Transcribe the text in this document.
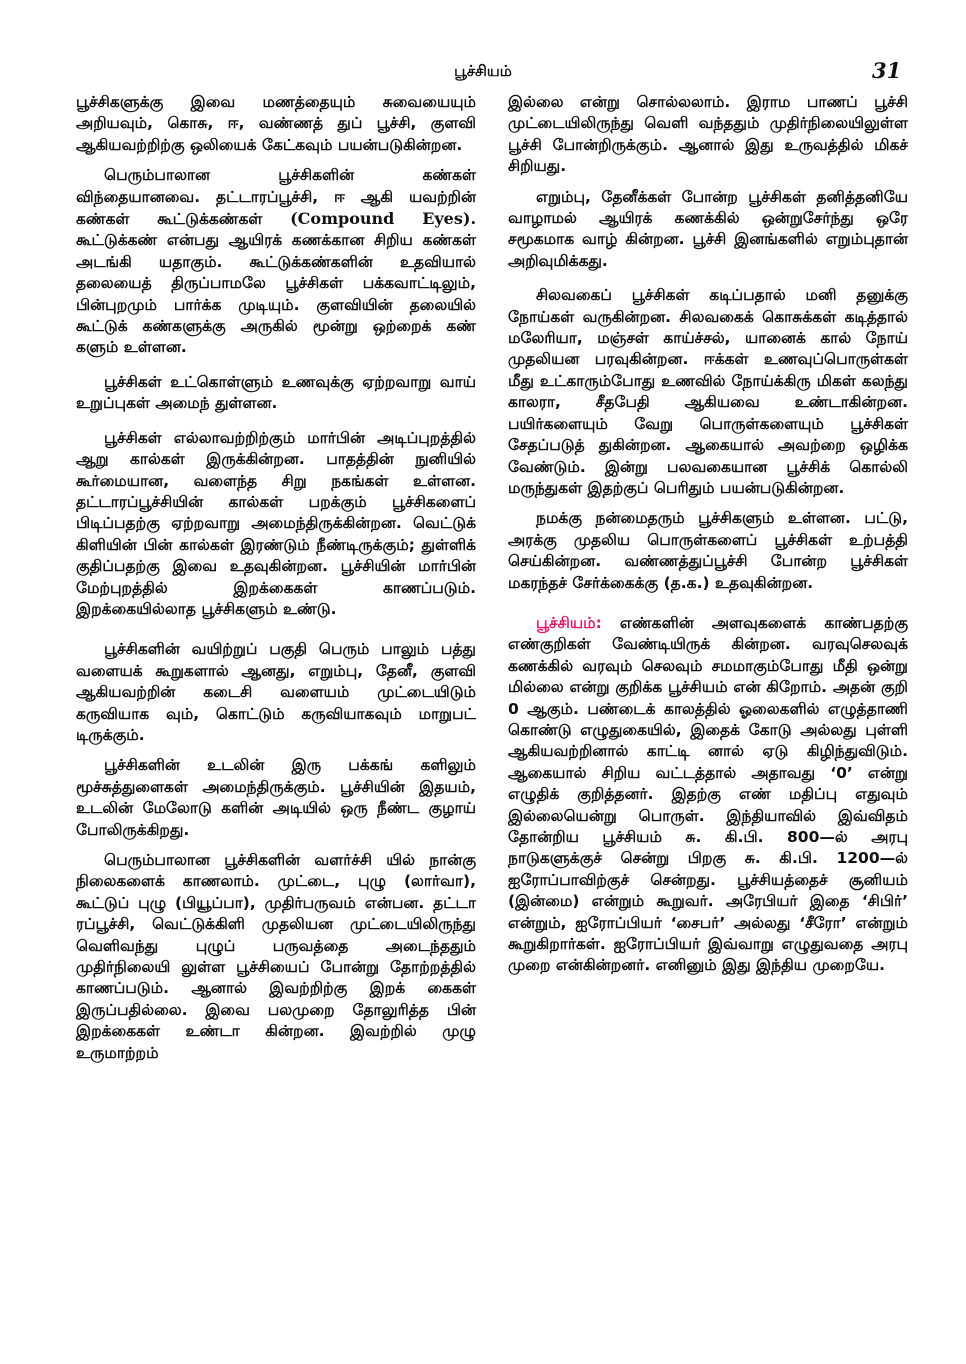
பூச்சியம்	31

பூச்சிகளுக்கு இவை மணத்தையும் சுவையையும் அறியவும், கொசு, ஈ, வண்ணத் துப் பூச்சி, குளவி ஆகியவற்றிற்கு ஒலியைக் கேட்கவும் பயன்படுகின்றன.

பெரும்பாலான பூச்சிகளின் கண்கள் விந்தையானவை. தட்டாரப்பூச்சி, ஈ ஆகி யவற்றின் கண்கள் கூட்டுக்கண்கள் (Compound Eyes). கூட்டுக்கண் என்பது ஆயிரக் கணக்கான சிறிய கண்கள் அடங்கி யதாகும். கூட்டுக்கண்களின் உதவியால் தலையைத் திருப்பாமலே பூச்சிகள் பக்கவாட்டிலும், பின்புறமும் பார்க்க முடியும். குளவியின் தலையில் கூட்டுக் கண்களுக்கு அருகில் மூன்று ஒற்றைக் கண் களும் உள்ளன.

பூச்சிகள் உட்கொள்ளும் உணவுக்கு ஏற்றவாறு வாய் உறுப்புகள் அமைந் துள்ளன.

பூச்சிகள் எல்லாவற்றிற்கும் மார்பின் அடிப்புறத்தில் ஆறு கால்கள் இருக்கின்றன. பாதத்தின் நுனியில் கூர்மையான, வளைந்த சிறு நகங்கள் உள்ளன. தட்டாரப்பூச்சியின் கால்கள் பறக்கும் பூச்சிகளைப் பிடிப்பதற்கு ஏற்றவாறு அமைந்திருக்கின்றன. வெட்டுக் கிளியின் பின் கால்கள் இரண்டும் நீண்டிருக்கும்; துள்ளிக் குதிப்பதற்கு இவை உதவுகின்றன. பூச்சியின் மார்பின் மேற்புறத்தில் இறக்கைகள் காணப்படும். இறக்கையில்லாத பூச்சிகளும் உண்டு.

பூச்சிகளின் வயிற்றுப் பகுதி பெரும் பாலும் பத்து வளையக் கூறுகளால் ஆனது, எறும்பு, தேனீ, குளவி ஆகியவற்றின் கடைசி வளையம் முட்டையிடும் கருவியாக வும், கொட்டும் கருவியாகவும் மாறுபட் டிருக்கும்.

பூச்சிகளின் உடலின் இரு பக்கங் களிலும் மூச்சுத்துளைகள் அமைந்திருக்கும். பூச்சியின் இதயம், உடலின் மேலோடு களின் அடியில் ஒரு நீண்ட குழாய் போலிருக்கிறது.

பெரும்பாலான பூச்சிகளின் வளர்ச்சி யில் நான்கு நிலைகளைக் காணலாம். முட்டை, புழு (லார்வா), கூட்டுப் புழு (பியூப்பா), முதிர்பருவம் என்பன. தட்டா ரப்பூச்சி, வெட்டுக்கிளி முதலியன முட்டையிலிருந்து வெளிவந்து புழுப் பருவத்தை அடைந்ததும் முதிர்நிலையி லுள்ள பூச்சியைப் போன்று தோற்றத்தில் காணப்படும். ஆனால் இவற்றிற்கு இறக் கைகள் இருப்பதில்லை. இவை பலமுறை தோலுரித்த பின் இறக்கைகள் உண்டா கின்றன. இவற்றில் முழு உருமாற்றம்

இல்லை என்று சொல்லலாம். இராம பாணப் பூச்சி முட்டையிலிருந்து வெளி வந்ததும் முதிர்நிலையிலுள்ள பூச்சி போன்றிருக்கும். ஆனால் இது உருவத்தில் மிகச் சிறியது.

எறும்பு, தேனீக்கள் போன்ற பூச்சிகள் தனித்தனியே வாழாமல் ஆயிரக் கணக்கில் ஒன்றுசேர்ந்து ஒரே சமூகமாக வாழ் கின்றன. பூச்சி இனங்களில் எறும்புதான் அறிவுமிக்கது.

சிலவகைப் பூச்சிகள் கடிப்பதால் மனி தனுக்கு நோய்கள் வருகின்றன. சிலவகைக் கொசுக்கள் கடித்தால் மலேரியா, மஞ்சள் காய்ச்சல், யானைக் கால் நோய் முதலியன பரவுகின்றன. ஈக்கள் உணவுப்பொருள்கள் மீது உட்காரும்போது உணவில் நோய்க்கிரு மிகள் கலந்து காலரா, சீதபேதி ஆகியவை உண்டாகின்றன. பயிர்களையும் வேறு பொருள்களையும் பூச்சிகள் சேதப்படுத் துகின்றன. ஆகையால் அவற்றை ஒழிக்க வேண்டும். இன்று பலவகையான பூச்சிக் கொல்லி மருந்துகள் இதற்குப் பெரிதும் பயன்படுகின்றன.

நமக்கு நன்மைதரும் பூச்சிகளும் உள்ளன. பட்டு, அரக்கு முதலிய பொருள்களைப் பூச்சிகள் உற்பத்தி செய்கின்றன. வண்ணத்துப்பூச்சி போன்ற பூச்சிகள் மகரந்தச் சேர்க்கைக்கு (த.க.) உதவுகின்றன.

பூச்சியம்: எண்களின் அளவுகளைக் காண்பதற்கு எண்குறிகள் வேண்டியிருக் கின்றன. வரவுசெலவுக் கணக்கில் வரவும் செலவும் சமமாகும்போது மீதி ஒன்று மில்லை என்று குறிக்க பூச்சியம் என் கிறோம். அதன் குறி 0 ஆகும். பண்டைக் காலத்தில் ஓலைகளில் எழுத்தாணி கொண்டு எழுதுகையில், இதைக் கோடு அல்லது புள்ளி ஆகியவற்றினால் காட்டி னால் ஏடு கிழிந்துவிடும். ஆகையால் சிறிய வட்டத்தால் அதாவது ‘0’ என்று எழுதிக் குறித்தனர். இதற்கு எண் மதிப்பு எதுவும் இல்லையென்று பொருள். இந்தியாவில் இவ்விதம் தோன்றிய பூச்சியம் சு. கி.பி. 800—ல் அரபு நாடுகளுக்குச் சென்று பிறகு சு. கி.பி. 1200—ல் ஐரோப்பாவிற்குச் சென்றது. பூச்சியத்தைச் சூனியம் (இன்மை) என்றும் கூறுவர். அரேபியர் இதை ‘சிபிர்’ என்றும், ஐரோப்பியர் ‘சைபர்’ அல்லது ‘சீரோ’ என்றும் கூறுகிறார்கள். ஐரோப்பியர் இவ்வாறு எழுதுவதை அரபு முறை என்கின்றனர். எனினும் இது இந்திய முறையே.
